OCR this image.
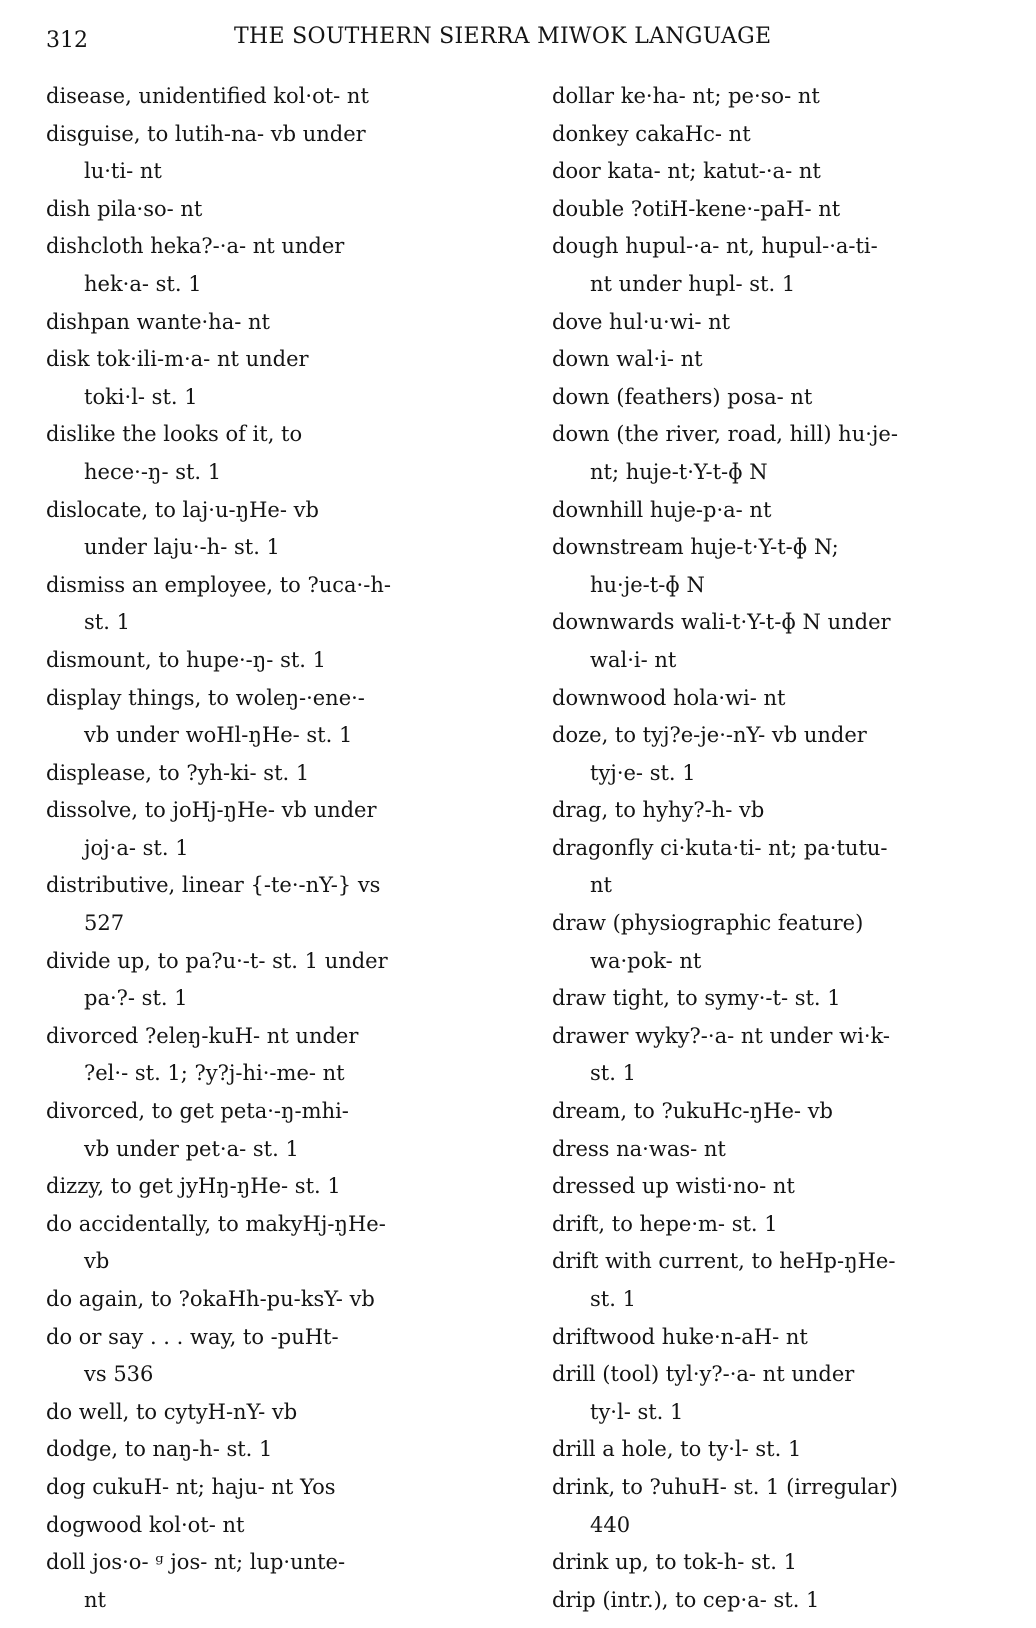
312	THE SOUTHERN SIERRA MIWOK LANGUAGE
disease, unidentified kol·ot- nt
disguise, to lutih-na- vb under
lu·ti- nt
dish pila·so- nt
dishcloth heka?-·a- nt under
hek·a- st. 1
dishpan wante·ha- nt
disk tok·ili-m·a- nt under
toki·l- st. 1
dislike the looks of it, to
hece·-ŋ- st. 1
dislocate, to laj·u-ŋHe- vb
under laju·-h- st. 1
dismiss an employee, to ?uca·-h-
st. 1
dismount, to hupe·-ŋ- st. 1
display things, to woleŋ-·ene·-
vb under woHl-ŋHe- st. 1
displease, to ?yh-ki- st. 1
dissolve, to joHj-ŋHe- vb under
joj·a- st. 1
distributive, linear {-te·-nY-} vs
527
divide up, to pa?u·-t- st. 1 under
pa·?- st. 1
divorced ?eleŋ-kuH- nt under
?el·- st. 1; ?y?j-hi·-me- nt
divorced, to get peta·-ŋ-mhi-
vb under pet·a- st. 1
dizzy, to get jyHŋ-ŋHe- st. 1
do accidentally, to makyHj-ŋHe-
vb
do again, to ?okaHh-pu-ksY- vb
do or say . . . way, to -puHt-
vs 536
do well, to cytyH-nY- vb
dodge, to naŋ-h- st. 1
dog cukuH- nt; haju- nt Yos
dogwood kol·ot- nt
doll jos·o- ᵍ jos- nt; lup·unte-
nt
dollar ke·ha- nt; pe·so- nt
donkey cakaHc- nt
door kata- nt; katut-·a- nt
double ?otiH-kene·-paH- nt
dough hupul-·a- nt, hupul-·a-ti-
nt under hupl- st. 1
dove hul·u·wi- nt
down wal·i- nt
down (feathers) posa- nt
down (the river, road, hill) hu·je-
nt; huje-t·Y-t-ɸ N
downhill huje-p·a- nt
downstream huje-t·Y-t-ɸ N;
hu·je-t-ɸ N
downwards wali-t·Y-t-ɸ N under
wal·i- nt
downwood hola·wi- nt
doze, to tyj?e-je·-nY- vb under
tyj·e- st. 1
drag, to hyhy?-h- vb
dragonfly ci·kuta·ti- nt; pa·tutu-
nt
draw (physiographic feature)
wa·pok- nt
draw tight, to symy·-t- st. 1
drawer wyky?-·a- nt under wi·k-
st. 1
dream, to ?ukuHc-ŋHe- vb
dress na·was- nt
dressed up wisti·no- nt
drift, to hepe·m- st. 1
drift with current, to heHp-ŋHe-
st. 1
driftwood huke·n-aH- nt
drill (tool) tyl·y?-·a- nt under
ty·l- st. 1
drill a hole, to ty·l- st. 1
drink, to ?uhuH- st. 1 (irregular)
440
drink up, to tok-h- st. 1
drip (intr.), to cep·a- st. 1
